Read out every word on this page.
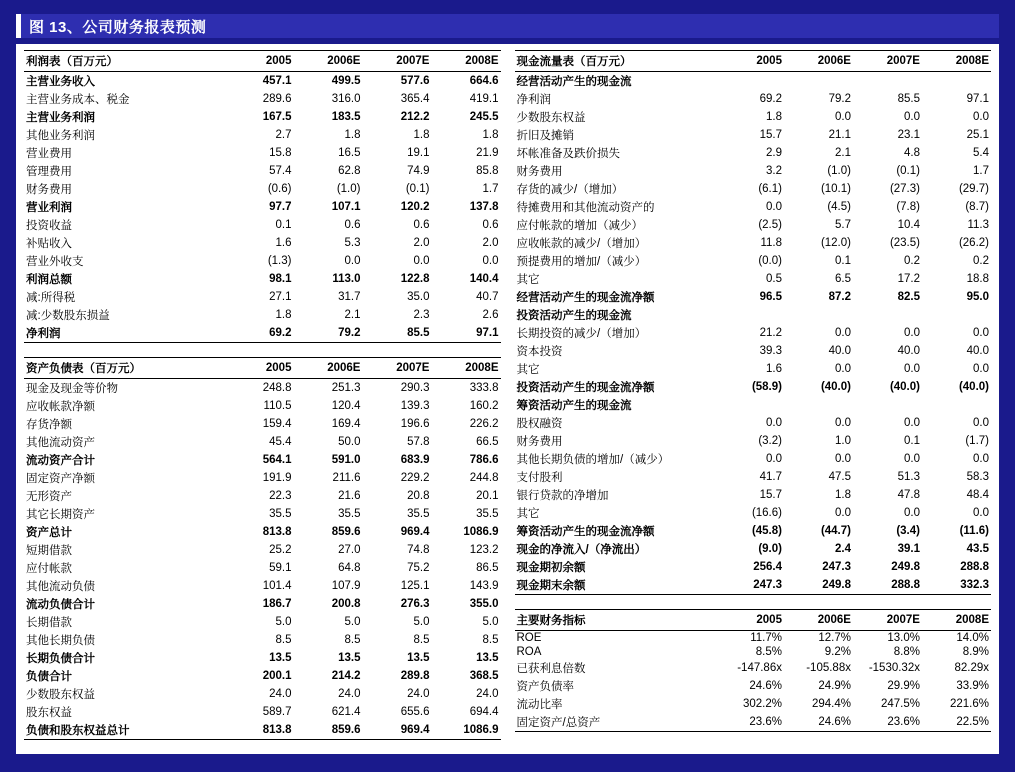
图 13、公司财务报表预测
利润表（百万元）	2005	2006E	2007E	2008E
主营业务收入	457.1	499.5	577.6	664.6
主营业务成本、税金	289.6	316.0	365.4	419.1
主营业务利润	167.5	183.5	212.2	245.5
其他业务利润	2.7	1.8	1.8	1.8
营业费用	15.8	16.5	19.1	21.9
管理费用	57.4	62.8	74.9	85.8
财务费用	(0.6)	(1.0)	(0.1)	1.7
营业利润	97.7	107.1	120.2	137.8
投资收益	0.1	0.6	0.6	0.6
补贴收入	1.6	5.3	2.0	2.0
营业外收支	(1.3)	0.0	0.0	0.0
利润总额	98.1	113.0	122.8	140.4
减:所得税	27.1	31.7	35.0	40.7
减:少数股东损益	1.8	2.1	2.3	2.6
净利润	69.2	79.2	85.5	97.1
资产负债表（百万元）	2005	2006E	2007E	2008E
现金及现金等价物	248.8	251.3	290.3	333.8
应收帐款净额	110.5	120.4	139.3	160.2
存货净额	159.4	169.4	196.6	226.2
其他流动资产	45.4	50.0	57.8	66.5
流动资产合计	564.1	591.0	683.9	786.6
固定资产净额	191.9	211.6	229.2	244.8
无形资产	22.3	21.6	20.8	20.1
其它长期资产	35.5	35.5	35.5	35.5
资产总计	813.8	859.6	969.4	1086.9
短期借款	25.2	27.0	74.8	123.2
应付帐款	59.1	64.8	75.2	86.5
其他流动负债	101.4	107.9	125.1	143.9
流动负债合计	186.7	200.8	276.3	355.0
长期借款	5.0	5.0	5.0	5.0
其他长期负债	8.5	8.5	8.5	8.5
长期负债合计	13.5	13.5	13.5	13.5
负债合计	200.1	214.2	289.8	368.5
少数股东权益	24.0	24.0	24.0	24.0
股东权益	589.7	621.4	655.6	694.4
负债和股东权益总计	813.8	859.6	969.4	1086.9
现金流量表（百万元）	2005	2006E	2007E	2008E
经营活动产生的现金流				
净利润	69.2	79.2	85.5	97.1
少数股东权益	1.8	0.0	0.0	0.0
折旧及摊销	15.7	21.1	23.1	25.1
坏帐准备及跌价损失	2.9	2.1	4.8	5.4
财务费用	3.2	(1.0)	(0.1)	1.7
存货的减少/（增加）	(6.1)	(10.1)	(27.3)	(29.7)
待摊费用和其他流动资产的	0.0	(4.5)	(7.8)	(8.7)
应付帐款的增加（减少）	(2.5)	5.7	10.4	11.3
应收帐款的减少/（增加）	11.8	(12.0)	(23.5)	(26.2)
预提费用的增加/（减少）	(0.0)	0.1	0.2	0.2
其它	0.5	6.5	17.2	18.8
经营活动产生的现金流净额	96.5	87.2	82.5	95.0
投资活动产生的现金流				
长期投资的减少/（增加）	21.2	0.0	0.0	0.0
资本投资	39.3	40.0	40.0	40.0
其它	1.6	0.0	0.0	0.0
投资活动产生的现金流净额	(58.9)	(40.0)	(40.0)	(40.0)
筹资活动产生的现金流				
股权融资	0.0	0.0	0.0	0.0
财务费用	(3.2)	1.0	0.1	(1.7)
其他长期负债的增加/（减少）	0.0	0.0	0.0	0.0
支付股利	41.7	47.5	51.3	58.3
银行贷款的净增加	15.7	1.8	47.8	48.4
其它	(16.6)	0.0	0.0	0.0
筹资活动产生的现金流净额	(45.8)	(44.7)	(3.4)	(11.6)
现金的净流入/（净流出）	(9.0)	2.4	39.1	43.5
现金期初余额	256.4	247.3	249.8	288.8
现金期末余额	247.3	249.8	288.8	332.3
主要财务指标	2005	2006E	2007E	2008E
ROE	11.7%	12.7%	13.0%	14.0%
ROA	8.5%	9.2%	8.8%	8.9%
已获利息倍数	-147.86x	-105.88x	-1530.32x	82.29x
资产负债率	24.6%	24.9%	29.9%	33.9%
流动比率	302.2%	294.4%	247.5%	221.6%
固定资产/总资产	23.6%	24.6%	23.6%	22.5%
